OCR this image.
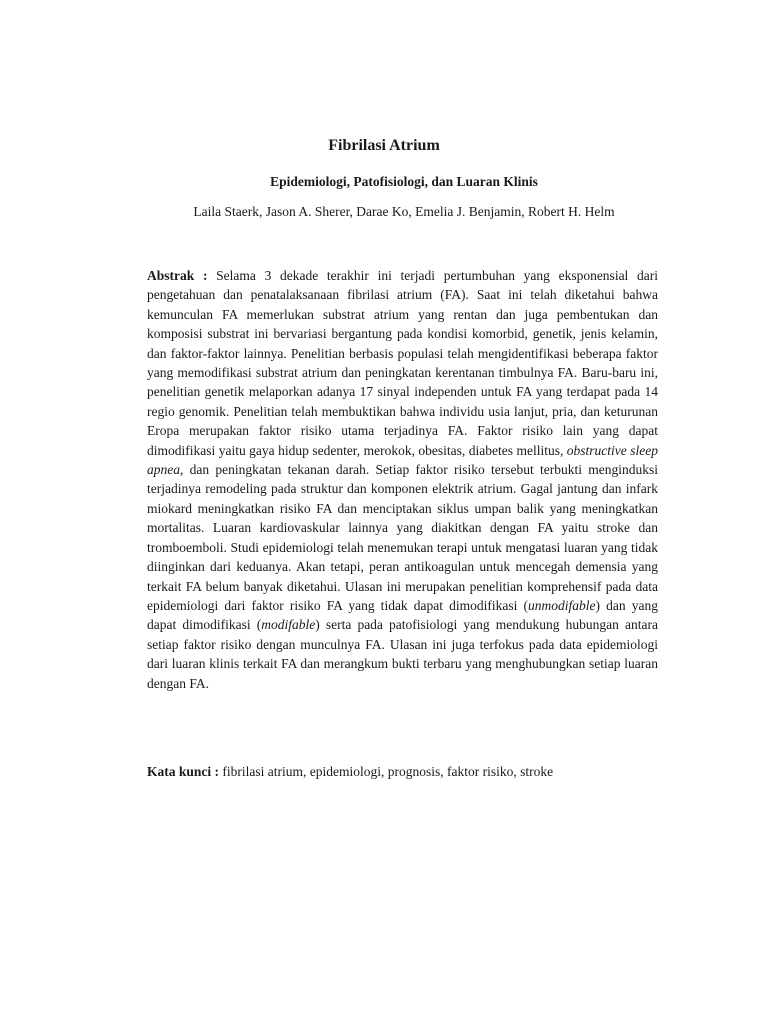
Fibrilasi Atrium
Epidemiologi, Patofisiologi, dan Luaran Klinis
Laila Staerk, Jason A. Sherer, Darae Ko, Emelia J. Benjamin, Robert H. Helm

Abstrak : Selama 3 dekade terakhir ini terjadi pertumbuhan yang eksponensial dari pengetahuan dan penatalaksanaan fibrilasi atrium (FA). Saat ini telah diketahui bahwa kemunculan FA memerlukan substrat atrium yang rentan dan juga pembentukan dan komposisi substrat ini bervariasi bergantung pada kondisi komorbid, genetik, jenis kelamin, dan faktor-faktor lainnya. Penelitian berbasis populasi telah mengidentifikasi beberapa faktor yang memodifikasi substrat atrium dan peningkatan kerentanan timbulnya FA. Baru-baru ini, penelitian genetik melaporkan adanya 17 sinyal independen untuk FA yang terdapat pada 14 regio genomik. Penelitian telah membuktikan bahwa individu usia lanjut, pria, dan keturunan Eropa merupakan faktor risiko utama terjadinya FA. Faktor risiko lain yang dapat dimodifikasi yaitu gaya hidup sedenter, merokok, obesitas, diabetes mellitus, obstructive sleep apnea, dan peningkatan tekanan darah. Setiap faktor risiko tersebut terbukti menginduksi terjadinya remodeling pada struktur dan komponen elektrik atrium. Gagal jantung dan infark miokard meningkatkan risiko FA dan menciptakan siklus umpan balik yang meningkatkan mortalitas. Luaran kardiovaskular lainnya yang diakitkan dengan FA yaitu stroke dan tromboemboli. Studi epidemiologi telah menemukan terapi untuk mengatasi luaran yang tidak diinginkan dari keduanya. Akan tetapi, peran antikoagulan untuk mencegah demensia yang terkait FA belum banyak diketahui. Ulasan ini merupakan penelitian komprehensif pada data epidemiologi dari faktor risiko FA yang tidak dapat dimodifikasi (unmodifable) dan yang dapat dimodifikasi (modifable) serta pada patofisiologi yang mendukung hubungan antara setiap faktor risiko dengan munculnya FA. Ulasan ini juga terfokus pada data epidemiologi dari luaran klinis terkait FA dan merangkum bukti terbaru yang menghubungkan setiap luaran dengan FA.

Kata kunci : fibrilasi atrium, epidemiologi, prognosis, faktor risiko, stroke
